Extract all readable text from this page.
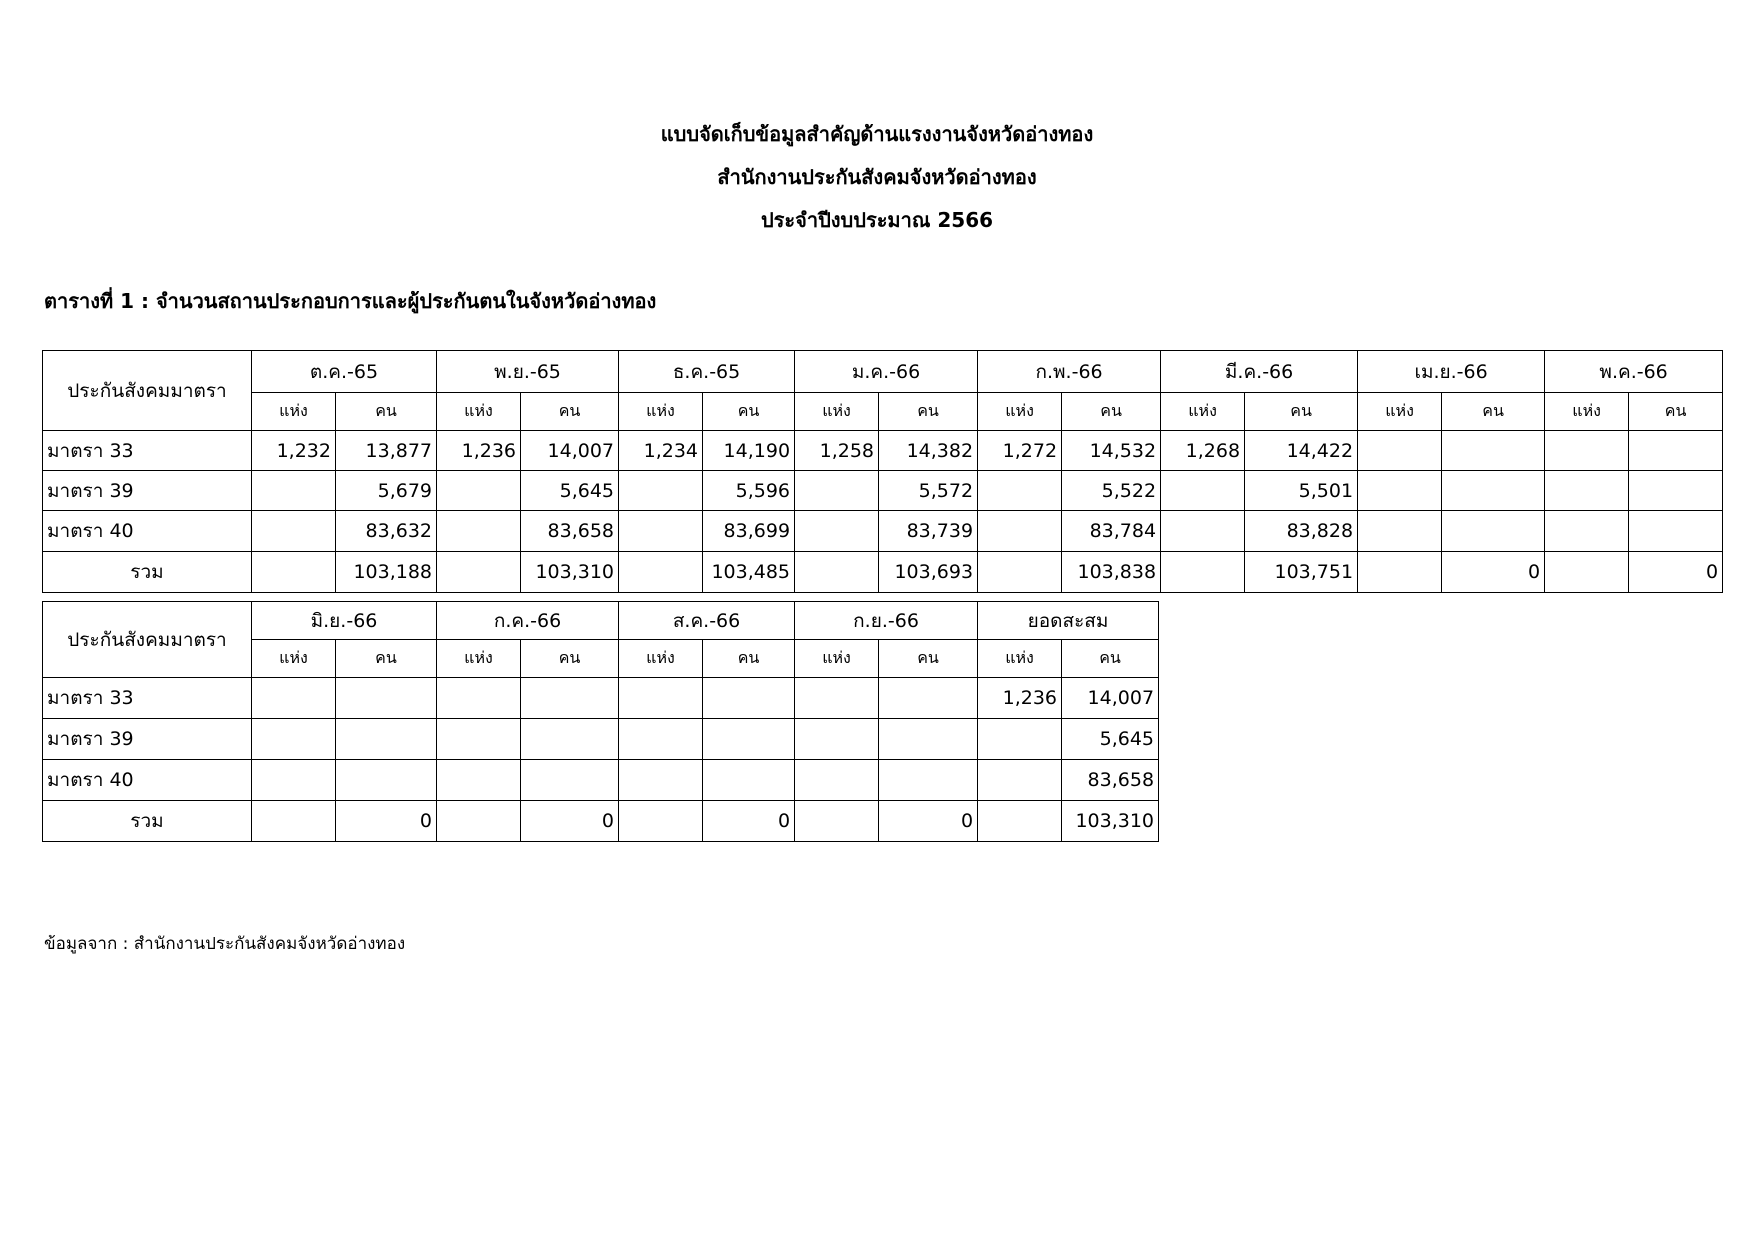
แบบจัดเก็บข้อมูลสำคัญด้านแรงงานจังหวัดอ่างทอง
สำนักงานประกันสังคมจังหวัดอ่างทอง
ประจำปีงบประมาณ 2566
ตารางที่ 1 : จำนวนสถานประกอบการและผู้ประกันตนในจังหวัดอ่างทอง
ประกันสังคมมาตรา	ต.ค.-65		พ.ย.-65		ธ.ค.-65		ม.ค.-66		ก.พ.-66		มี.ค.-66		เม.ย.-66		พ.ค.-66	
	แห่ง	คน	แห่ง	คน	แห่ง	คน	แห่ง	คน	แห่ง	คน	แห่ง	คน	แห่ง	คน	แห่ง	คน
มาตรา 33	1,232	13,877	1,236	14,007	1,234	14,190	1,258	14,382	1,272	14,532	1,268	14,422				
มาตรา 39		5,679		5,645		5,596		5,572		5,522		5,501				
มาตรา 40		83,632		83,658		83,699		83,739		83,784		83,828				
รวม		103,188		103,310		103,485		103,693		103,838		103,751		0		0
ประกันสังคมมาตรา	มิ.ย.-66		ก.ค.-66		ส.ค.-66		ก.ย.-66		ยอดสะสม	
	แห่ง	คน	แห่ง	คน	แห่ง	คน	แห่ง	คน	แห่ง	คน
มาตรา 33									1,236	14,007
มาตรา 39										5,645
มาตรา 40										83,658
รวม		0		0		0		0		103,310
ข้อมูลจาก : สำนักงานประกันสังคมจังหวัดอ่างทอง
